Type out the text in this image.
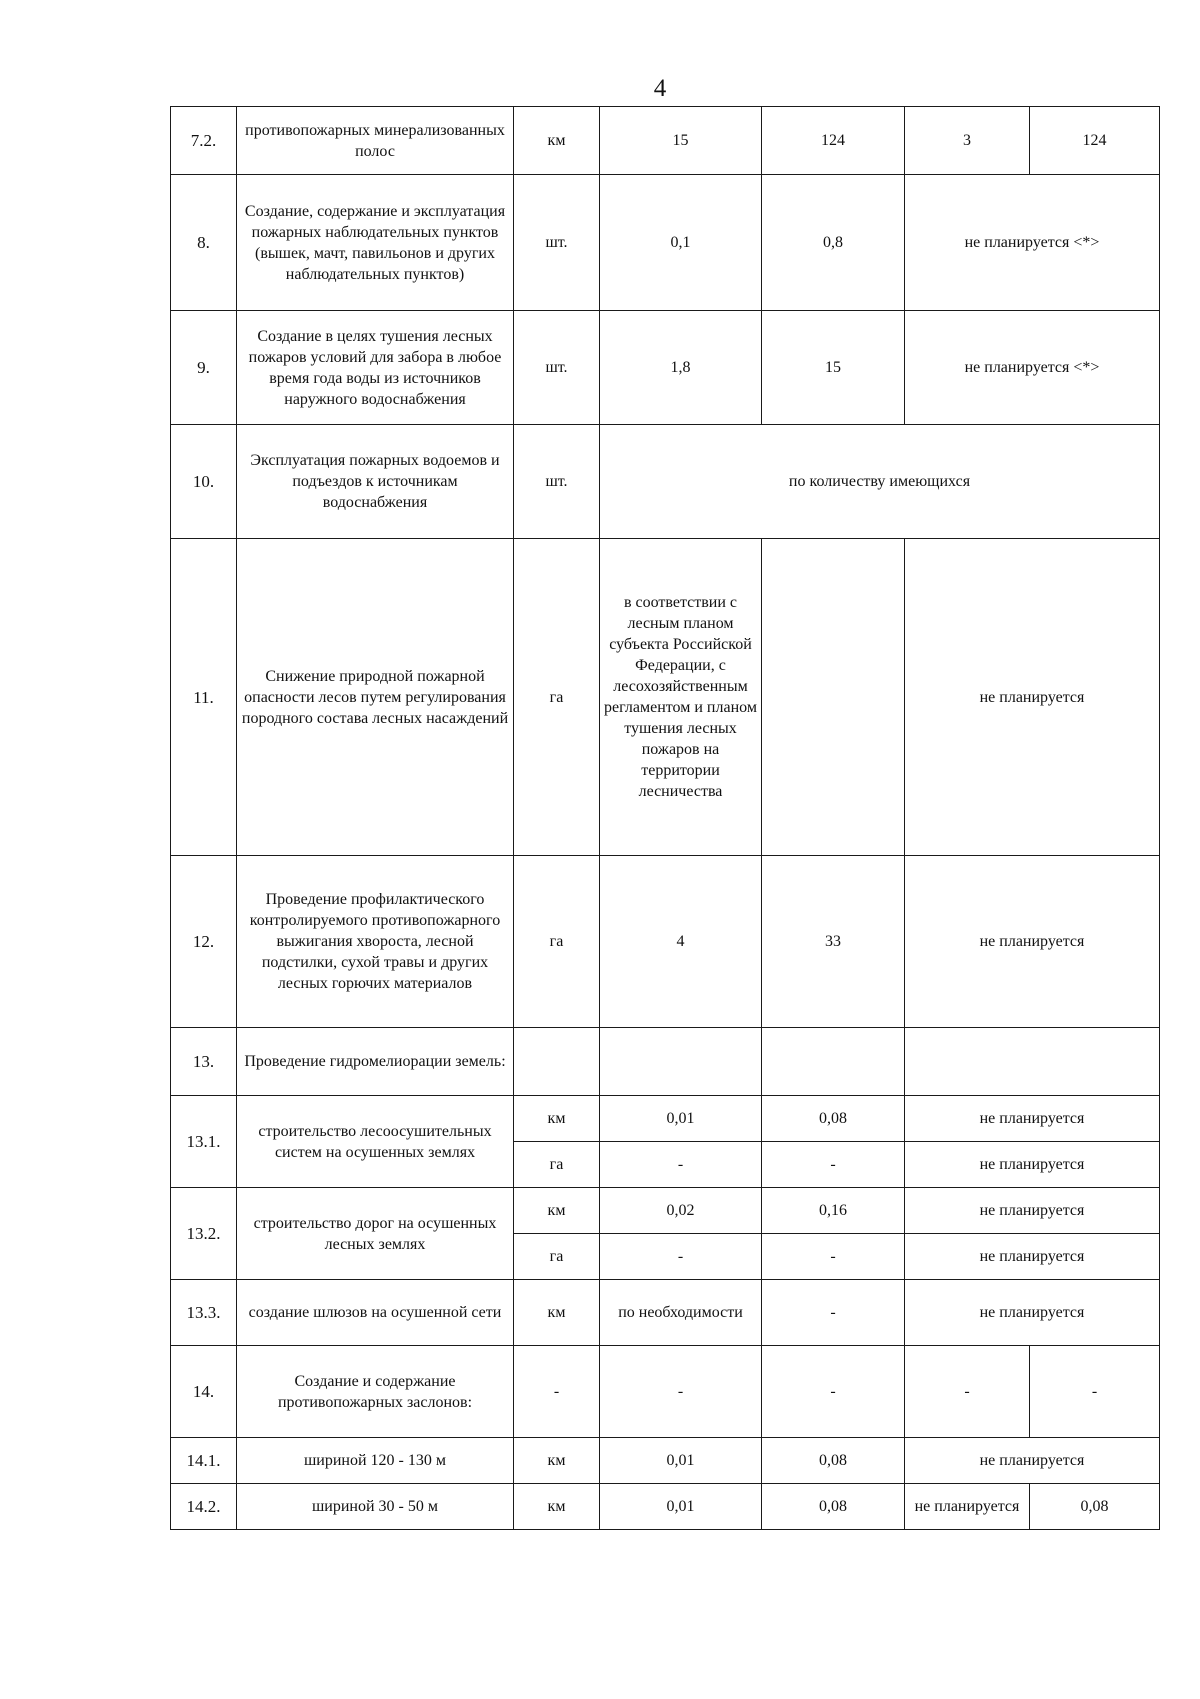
4
7.2.	противопожарных минерализованных полос	км	15	124	3	124
8.	Создание, содержание и эксплуатация пожарных наблюдательных пунктов (вышек, мачт, павильонов и других наблюдательных пунктов)	шт.	0,1	0,8	не планируется <*>	
9.	Создание в целях тушения лесных пожаров условий для забора в любое время года воды из источников наружного водоснабжения	шт.	1,8	15	не планируется <*>	
10.	Эксплуатация пожарных водоемов и подъездов к источникам водоснабжения	шт.	по количеству имеющихся			
11.	Снижение природной пожарной опасности лесов путем регулирования породного состава лесных насаждений	га	в соответствии с лесным планом субъекта Российской Федерации, с лесохозяйственным регламентом и планом тушения лесных пожаров на территории лесничества		не планируется	
12.	Проведение профилактического контролируемого противопожарного выжигания хвороста, лесной подстилки, сухой травы и других лесных горючих материалов	га	4	33	не планируется	
13.	Проведение гидромелиорации земель:					
13.1.	строительство лесоосушительных систем на осушенных землях	км	0,01	0,08	не планируется	
		га	-	-	не планируется	
13.2.	строительство дорог на осушенных лесных землях	км	0,02	0,16	не планируется	
		га	-	-	не планируется	
13.3.	создание шлюзов на осушенной сети	км	по необходимости	-	не планируется	
14.	Создание и содержание противопожарных заслонов:	-	-	-	-	-
14.1.	шириной 120 - 130 м	км	0,01	0,08	не планируется	
14.2.	шириной 30 - 50 м	км	0,01	0,08	не планируется	0,08
